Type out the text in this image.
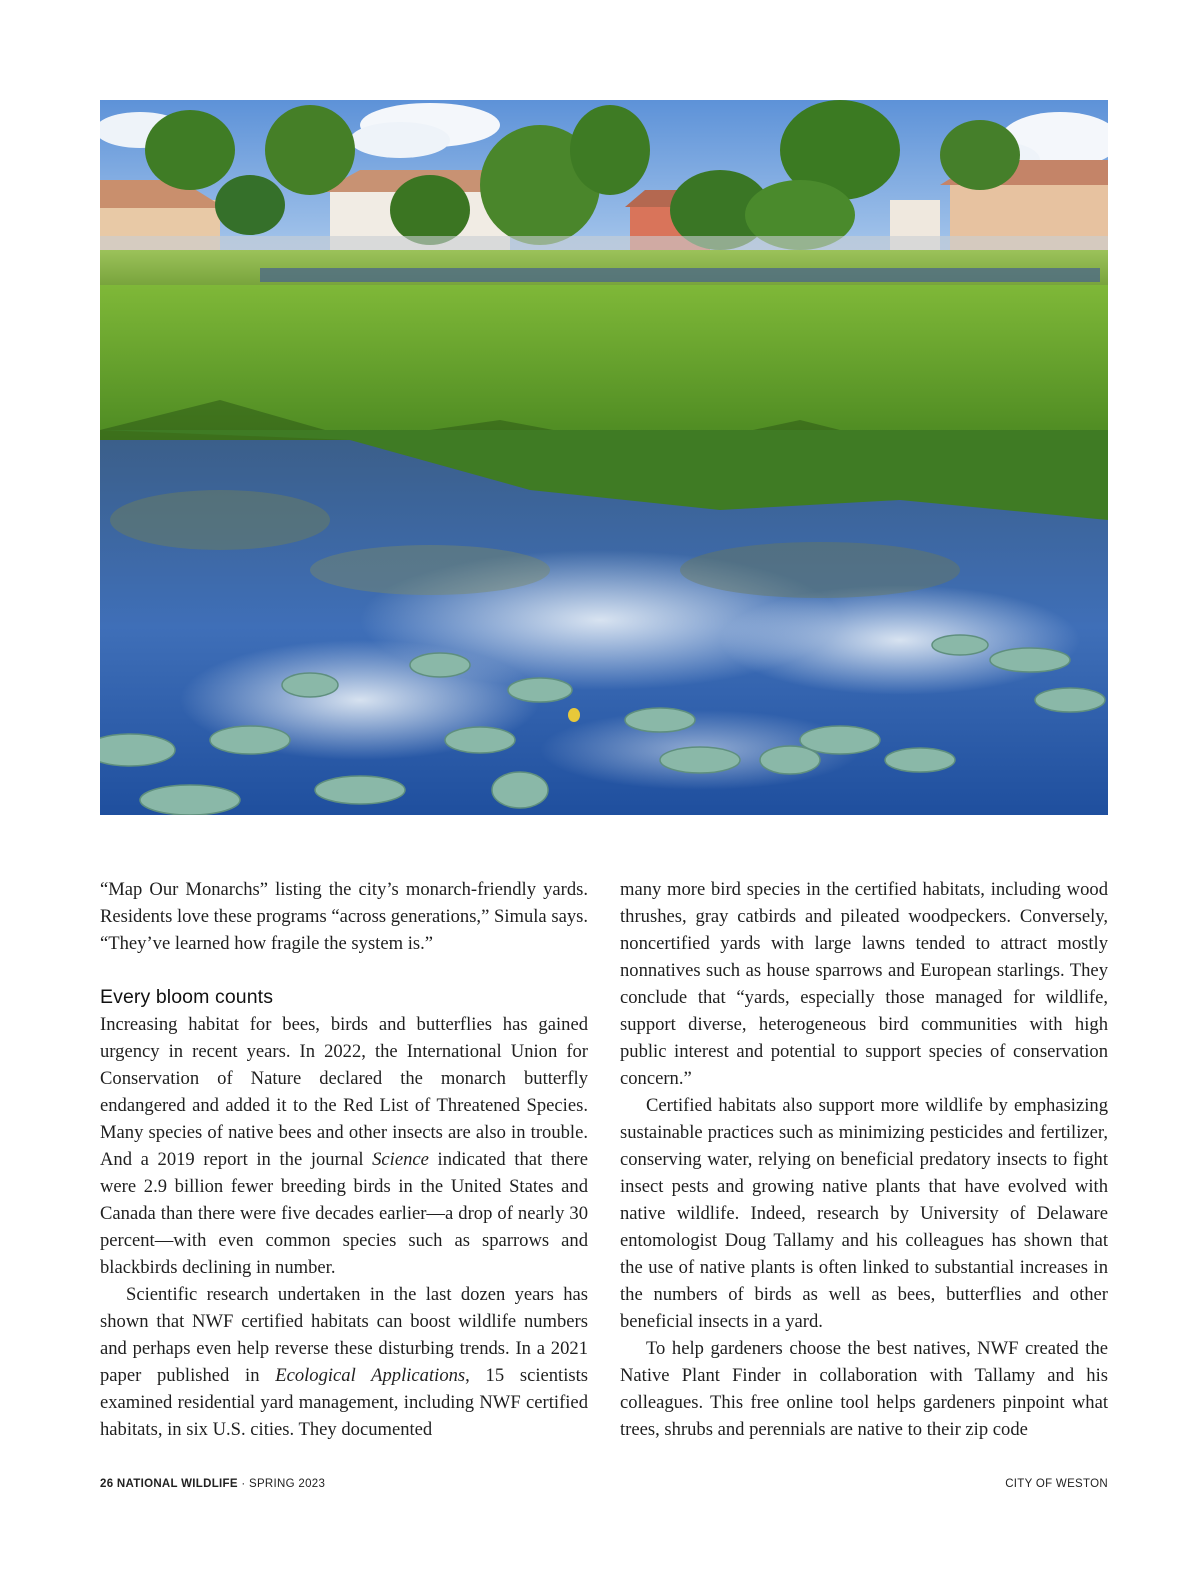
“Map Our Monarchs” listing the city’s monarch-friendly yards. Residents love these programs “across generations,” Simula says. “They’ve learned how fragile the system is.”

Every bloom counts

Increasing habitat for bees, birds and butterflies has gained urgency in recent years. In 2022, the International Union for Conservation of Nature declared the monarch butterfly endangered and added it to the Red List of Threatened Species. Many species of native bees and other insects are also in trouble. And a 2019 report in the journal Science indicated that there were 2.9 billion fewer breeding birds in the United States and Canada than there were five decades earlier—a drop of nearly 30 percent—with even common species such as sparrows and blackbirds declining in number.

Scientific research undertaken in the last dozen years has shown that NWF certified habitats can boost wildlife numbers and perhaps even help reverse these disturbing trends. In a 2021 paper published in Ecological Applications, 15 scientists examined residential yard management, including NWF certified habitats, in six U.S. cities. They documented

many more bird species in the certified habitats, including wood thrushes, gray catbirds and pileated woodpeckers. Conversely, noncertified yards with large lawns tended to attract mostly nonnatives such as house sparrows and European starlings. They conclude that “yards, especially those managed for wildlife, support diverse, heterogeneous bird communities with high public interest and potential to support species of conservation concern.”

Certified habitats also support more wildlife by emphasizing sustainable practices such as minimizing pesticides and fertilizer, conserving water, relying on beneficial predatory insects to fight insect pests and growing native plants that have evolved with native wildlife. Indeed, research by University of Delaware entomologist Doug Tallamy and his colleagues has shown that the use of native plants is often linked to substantial increases in the numbers of birds as well as bees, butterflies and other beneficial insects in a yard.

To help gardeners choose the best natives, NWF created the Native Plant Finder in collaboration with Tallamy and his colleagues. This free online tool helps gardeners pinpoint what trees, shrubs and perennials are native to their zip code

26 NATIONAL WILDLIFE · SPRING 2023	CITY OF WESTON
